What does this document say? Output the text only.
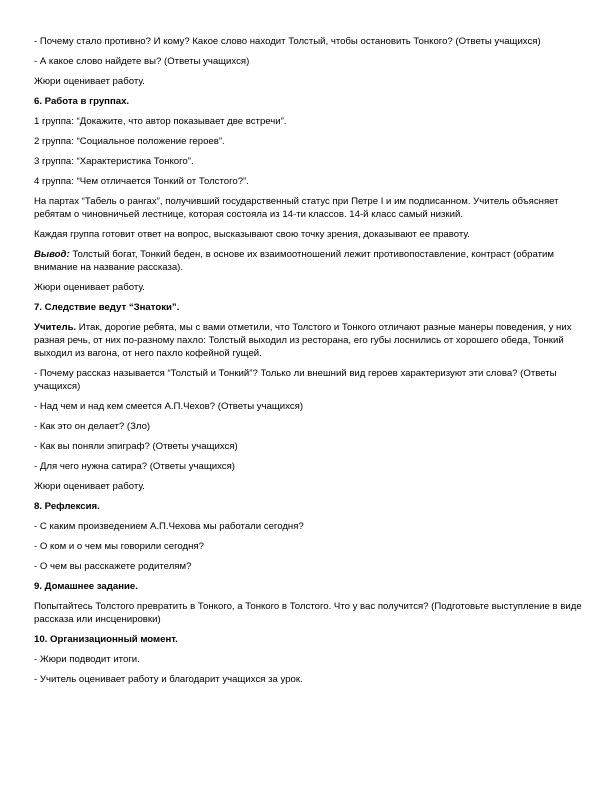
- Почему стало противно? И кому? Какое слово находит Толстый, чтобы остановить Тонкого? (Ответы учащихся)

- А какое слово найдете вы? (Ответы учащихся)

Жюри оценивает работу.

6. Работа в группах.

1 группа: “Докажите, что автор показывает две встречи”.

2 группа: “Социальное положение героев”.

3 группа: “Характеристика Тонкого”.

4 группа: “Чем отличается Тонкий от Толстого?”.

На партах “Табель о рангах”, получивший государственный статус при Петре I и им подписанном. Учитель объясняет ребятам о чиновничьей лестнице, которая состояла из 14-ти классов. 14-й класс самый низкий.

Каждая группа готовит ответ на вопрос, высказывают свою точку зрения, доказывают ее правоту.

Вывод: Толстый богат, Тонкий беден, в основе их взаимоотношений лежит противопоставление, контраст (обратим внимание на название рассказа).

Жюри оценивает работу.

7. Следствие ведут “Знатоки”.

Учитель. Итак, дорогие ребята, мы с вами отметили, что Толстого и Тонкого отличают разные манеры поведения, у них разная речь, от них по-разному пахло: Толстый выходил из ресторана, его губы лоснились от хорошего обеда, Тонкий выходил из вагона, от него пахло кофейной гущей.

- Почему рассказ называется “Толстый и Тонкий”? Только ли внешний вид героев характеризуют эти слова? (Ответы учащихся)

- Над чем и над кем смеется А.П.Чехов? (Ответы учащихся)

- Как это он делает? (Зло)

- Как вы поняли эпиграф? (Ответы учащихся)

- Для чего нужна сатира? (Ответы учащихся)

Жюри оценивает работу.

8. Рефлексия.

- С каким произведением А.П.Чехова мы работали сегодня?

- О ком и о чем мы говорили сегодня?

- О чем вы расскажете родителям?

9. Домашнее задание.

Попытайтесь Толстого превратить в Тонкого, а Тонкого в Толстого. Что у вас получится? (Подготовьте выступление в виде рассказа или инсценировки)

10. Организационный момент.

- Жюри подводит итоги.

- Учитель оценивает работу и благодарит учащихся за урок.
